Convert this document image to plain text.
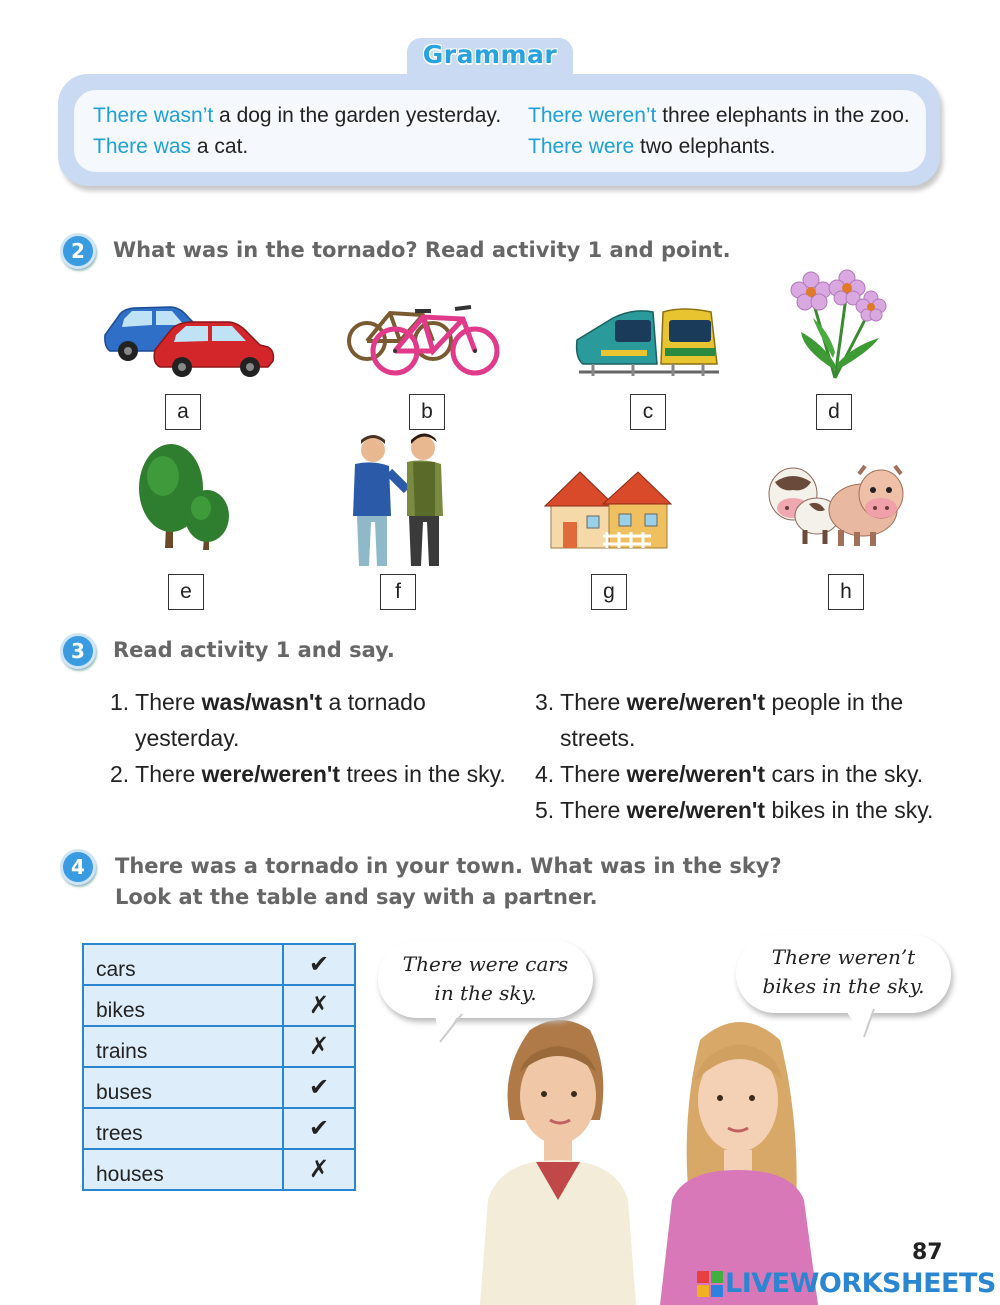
Grammar
There wasn’t a dog in the garden yesterday.
There was a cat.
There weren’t three elephants in the zoo.
There were two elephants.
2	What was in the tornado? Read activity 1 and point.
a	b	c	d
e	f	g	h
3	Read activity 1 and say.
1. There was/wasn't a tornado
yesterday.
2. There were/weren't trees in the sky.
3. There were/weren't people in the
streets.
4. There were/weren't cars in the sky.
5. There were/weren't bikes in the sky.
4	There was a tornado in your town. What was in the sky?
Look at the table and say with a partner.
cars	✔
bikes	✗
trains	✗
buses	✔
trees	✔
houses	✗
There were cars
in the sky.
There weren’t
bikes in the sky.
87
LIVEWORKSHEETS
